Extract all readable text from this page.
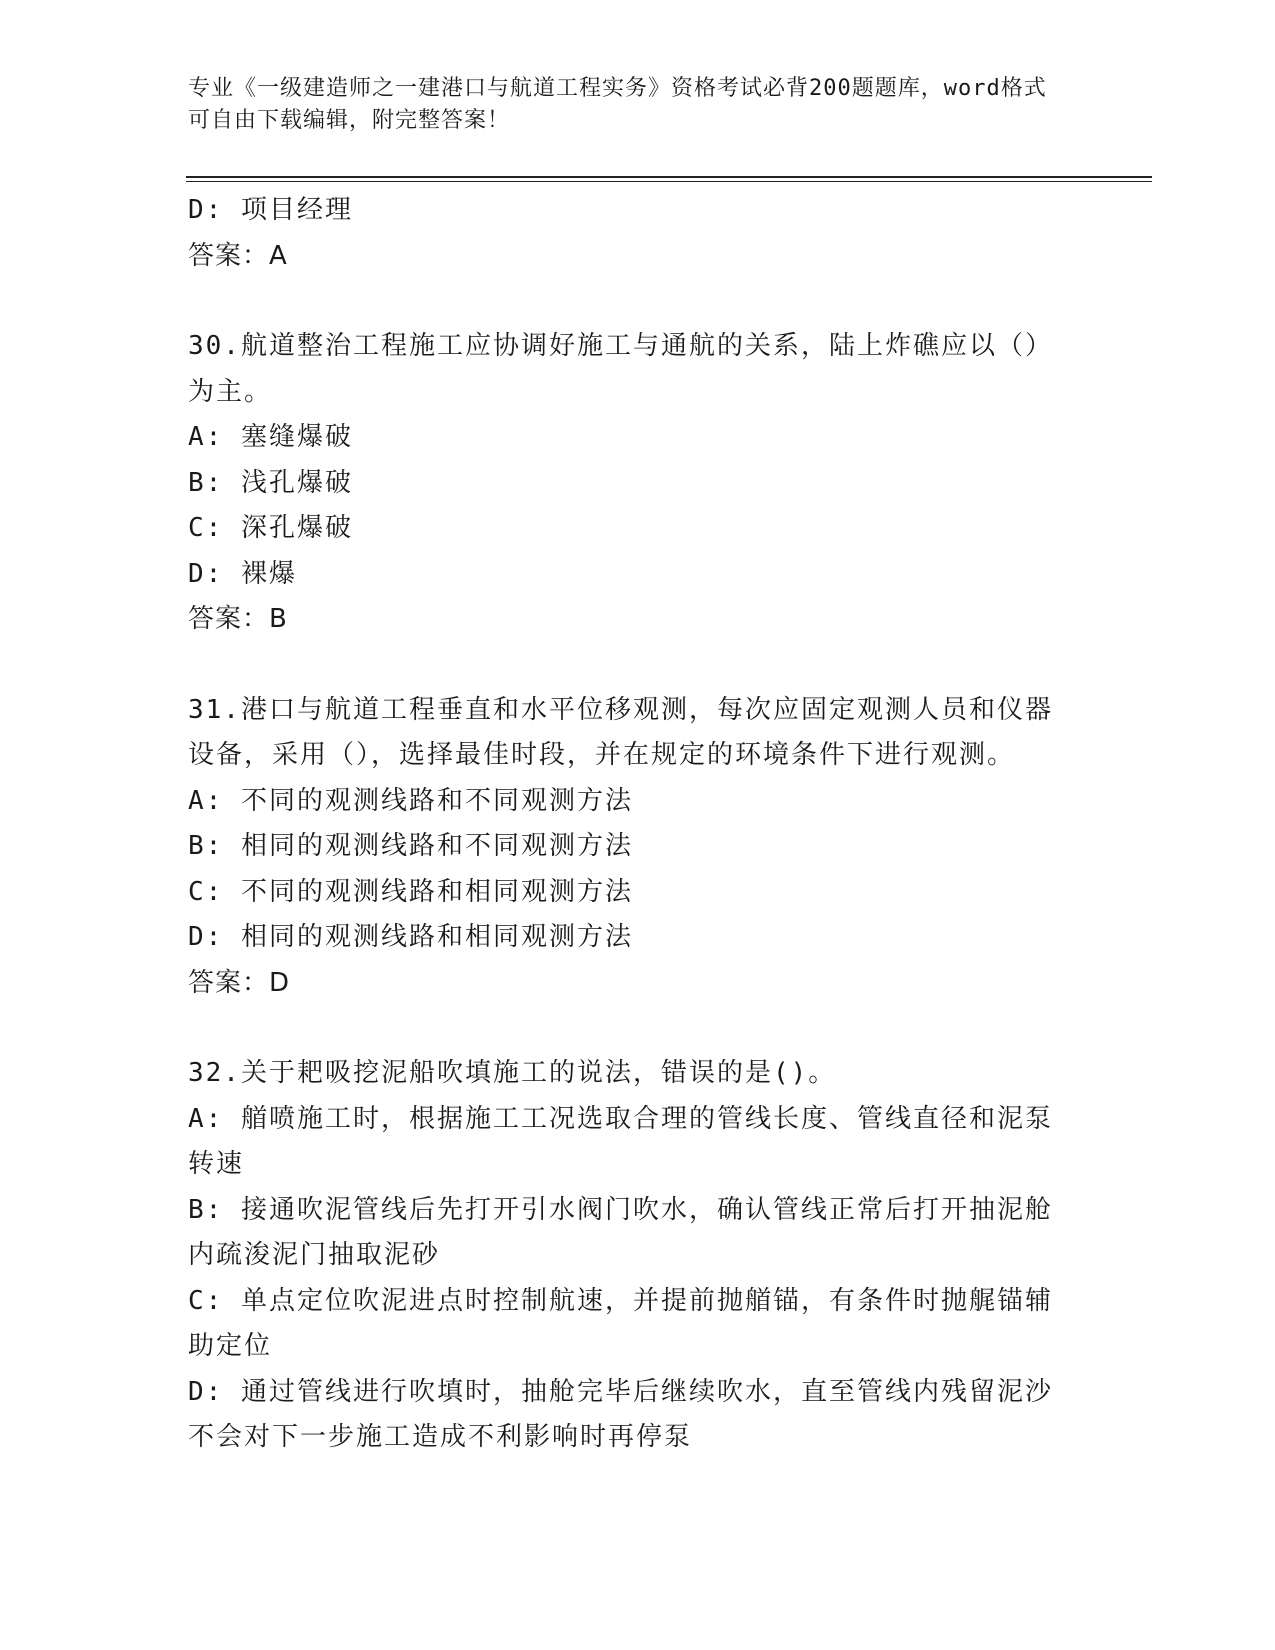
专业《一级建造师之一建港口与航道工程实务》资格考试必背200题题库，word格式可自由下载编辑，附完整答案！
D: 项目经理
答案：A
30.航道整治工程施工应协调好施工与通航的关系，陆上炸礁应以（）为主。
A: 塞缝爆破
B: 浅孔爆破
C: 深孔爆破
D: 裸爆
答案：B
31.港口与航道工程垂直和水平位移观测，每次应固定观测人员和仪器设备，采用（），选择最佳时段，并在规定的环境条件下进行观测。
A: 不同的观测线路和不同观测方法
B: 相同的观测线路和不同观测方法
C: 不同的观测线路和相同观测方法
D: 相同的观测线路和相同观测方法
答案：D
32.关于耙吸挖泥船吹填施工的说法，错误的是()。
A: 艏喷施工时，根据施工工况选取合理的管线长度、管线直径和泥泵转速
B: 接通吹泥管线后先打开引水阀门吹水，确认管线正常后打开抽泥舱内疏浚泥门抽取泥砂
C: 单点定位吹泥进点时控制航速，并提前抛艏锚，有条件时抛艉锚辅助定位
D: 通过管线进行吹填时，抽舱完毕后继续吹水，直至管线内残留泥沙不会对下一步施工造成不利影响时再停泵
